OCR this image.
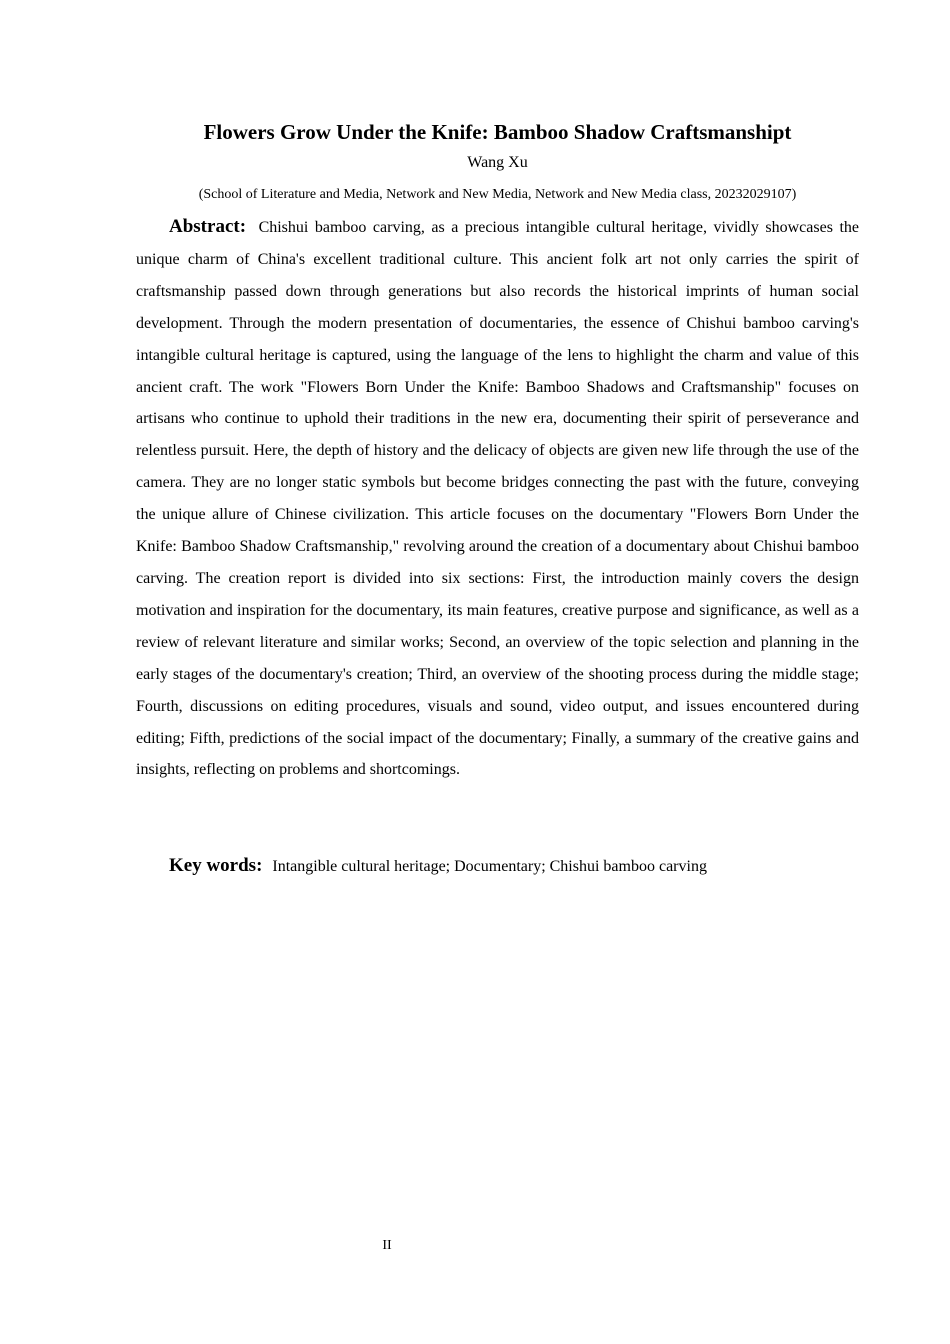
Flowers Grow Under the Knife: Bamboo Shadow Craftsmanshipt
Wang Xu
(School of Literature and Media, Network and New Media, Network and New Media class, 20232029107)

Abstract: Chishui bamboo carving, as a precious intangible cultural heritage, vividly showcases the unique charm of China's excellent traditional culture. This ancient folk art not only carries the spirit of craftsmanship passed down through generations but also records the historical imprints of human social development. Through the modern presentation of documentaries, the essence of Chishui bamboo carving's intangible cultural heritage is captured, using the language of the lens to highlight the charm and value of this ancient craft. The work "Flowers Born Under the Knife: Bamboo Shadows and Craftsmanship" focuses on artisans who continue to uphold their traditions in the new era, documenting their spirit of perseverance and relentless pursuit. Here, the depth of history and the delicacy of objects are given new life through the use of the camera. They are no longer static symbols but become bridges connecting the past with the future, conveying the unique allure of Chinese civilization. This article focuses on the documentary "Flowers Born Under the Knife: Bamboo Shadow Craftsmanship," revolving around the creation of a documentary about Chishui bamboo carving. The creation report is divided into six sections: First, the introduction mainly covers the design motivation and inspiration for the documentary, its main features, creative purpose and significance, as well as a review of relevant literature and similar works; Second, an overview of the topic selection and planning in the early stages of the documentary's creation; Third, an overview of the shooting process during the middle stage; Fourth, discussions on editing procedures, visuals and sound, video output, and issues encountered during editing; Fifth, predictions of the social impact of the documentary; Finally, a summary of the creative gains and insights, reflecting on problems and shortcomings.

Key words: Intangible cultural heritage; Documentary; Chishui bamboo carving
II
